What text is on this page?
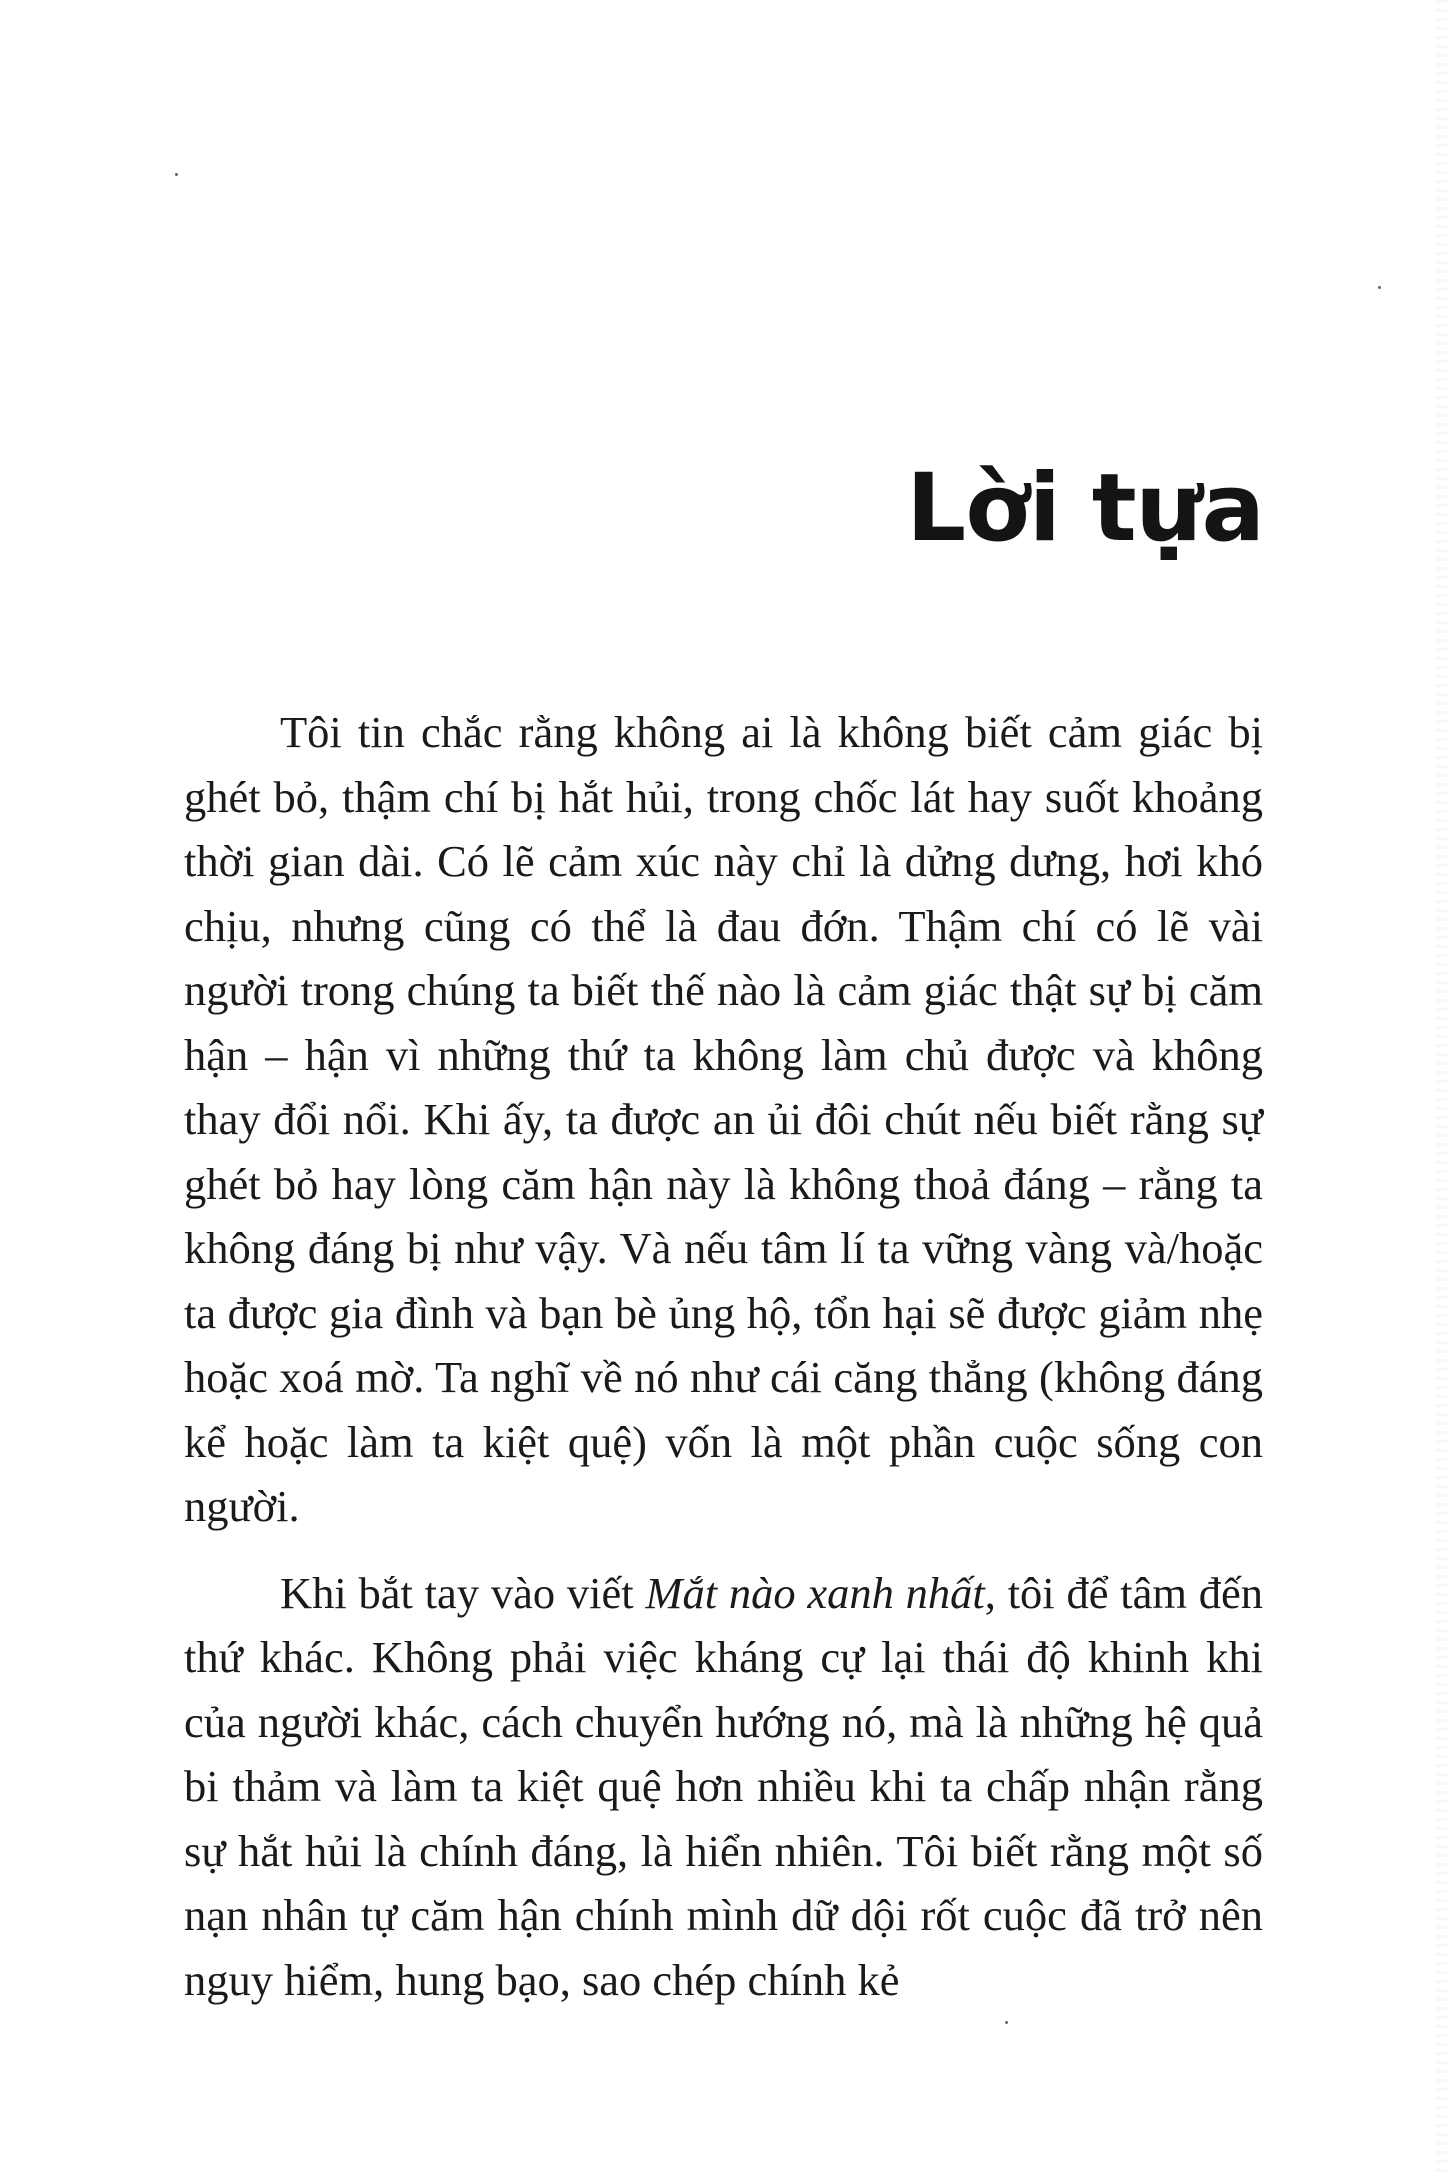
Lời tựa

Tôi tin chắc rằng không ai là không biết cảm giác bị ghét bỏ, thậm chí bị hắt hủi, trong chốc lát hay suốt khoảng thời gian dài. Có lẽ cảm xúc này chỉ là dửng dưng, hơi khó chịu, nhưng cũng có thể là đau đớn. Thậm chí có lẽ vài người trong chúng ta biết thế nào là cảm giác thật sự bị căm hận – hận vì những thứ ta không làm chủ được và không thay đổi nổi. Khi ấy, ta được an ủi đôi chút nếu biết rằng sự ghét bỏ hay lòng căm hận này là không thoả đáng – rằng ta không đáng bị như vậy. Và nếu tâm lí ta vững vàng và/hoặc ta được gia đình và bạn bè ủng hộ, tổn hại sẽ được giảm nhẹ hoặc xoá mờ. Ta nghĩ về nó như cái căng thẳng (không đáng kể hoặc làm ta kiệt quệ) vốn là một phần cuộc sống con người.

Khi bắt tay vào viết Mắt nào xanh nhất, tôi để tâm đến thứ khác. Không phải việc kháng cự lại thái độ khinh khi của người khác, cách chuyển hướng nó, mà là những hệ quả bi thảm và làm ta kiệt quệ hơn nhiều khi ta chấp nhận rằng sự hắt hủi là chính đáng, là hiển nhiên. Tôi biết rằng một số nạn nhân tự căm hận chính mình dữ dội rốt cuộc đã trở nên nguy hiểm, hung bạo, sao chép chính kẻ
